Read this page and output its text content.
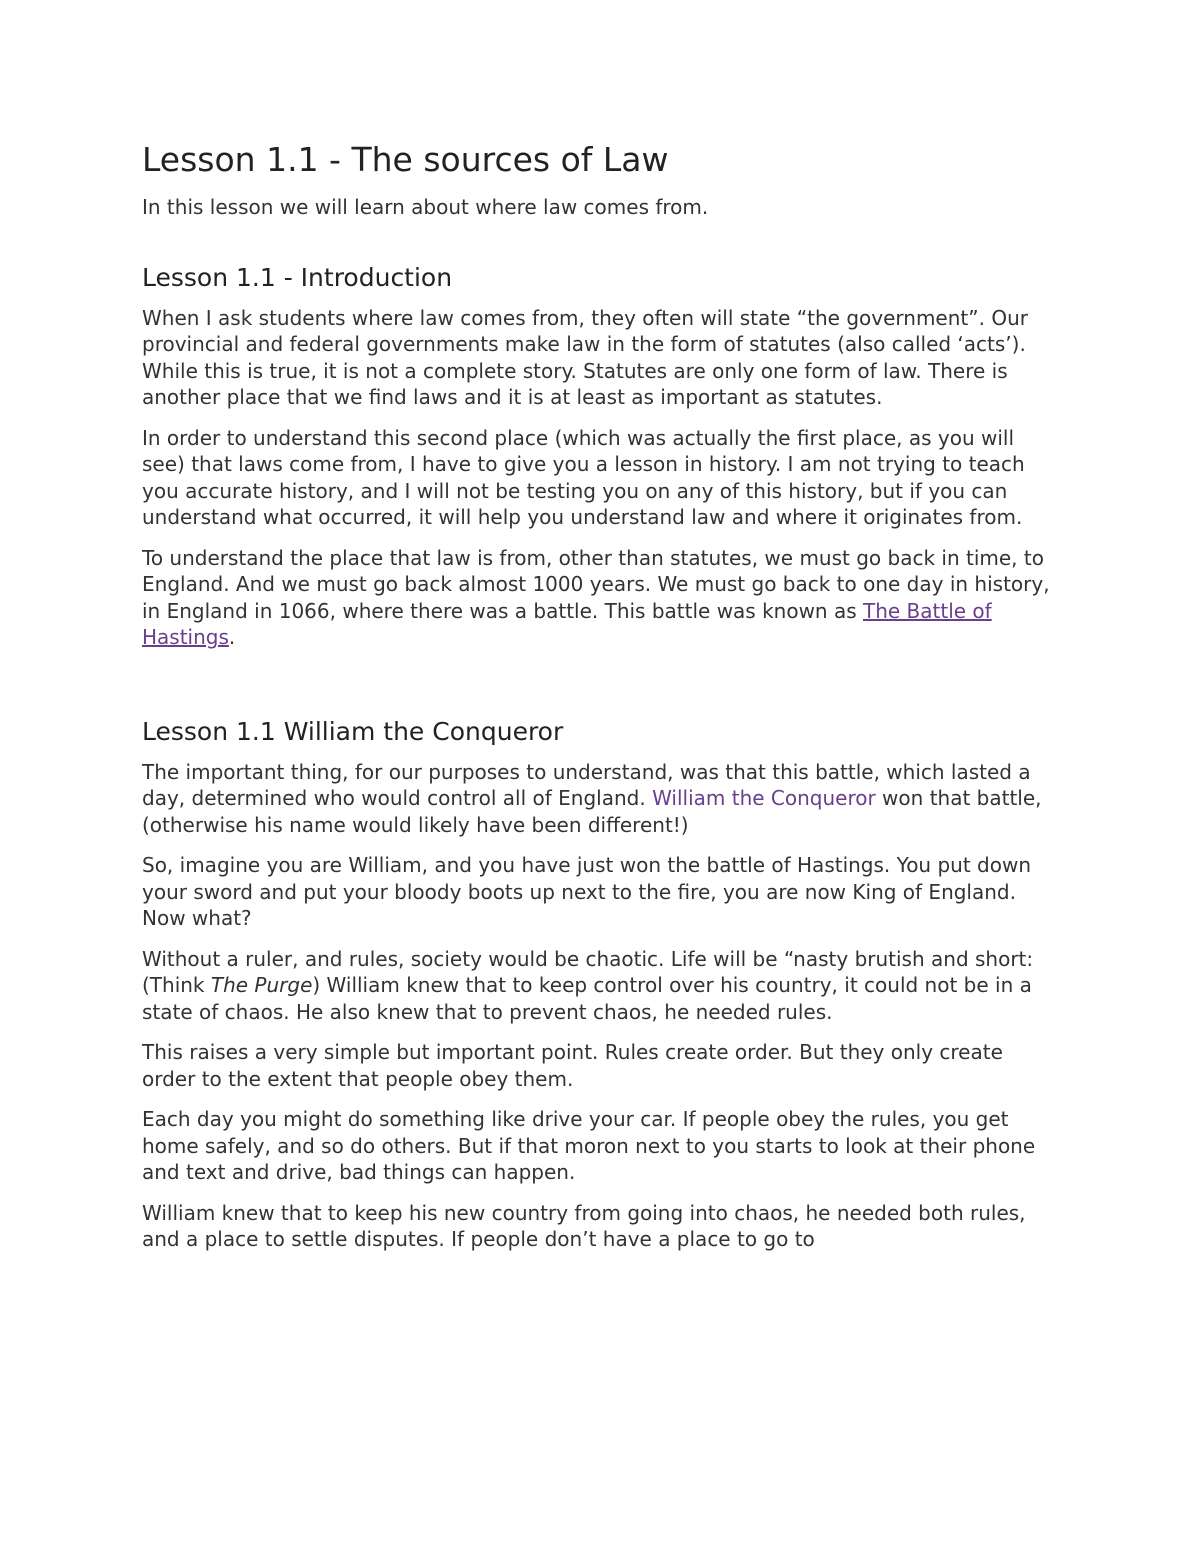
Lesson 1.1 - The sources of Law
In this lesson we will learn about where law comes from.
Lesson 1.1 - Introduction

When I ask students where law comes from, they often will state “the government”. Our provincial and federal governments make law in the form of statutes (also called ‘acts’). While this is true, it is not a complete story. Statutes are only one form of law. There is another place that we find laws and it is at least as important as statutes.

In order to understand this second place (which was actually the first place, as you will see) that laws come from, I have to give you a lesson in history. I am not trying to teach you accurate history, and I will not be testing you on any of this history, but if you can understand what occurred, it will help you understand law and where it originates from.

To understand the place that law is from, other than statutes, we must go back in time, to England. And we must go back almost 1000 years. We must go back to one day in history, in England in 1066, where there was a battle. This battle was known as The Battle of Hastings.

Lesson 1.1 William the Conqueror

The important thing, for our purposes to understand, was that this battle, which lasted a day, determined who would control all of England. William the Conqueror won that battle, (otherwise his name would likely have been different!)

So, imagine you are William, and you have just won the battle of Hastings. You put down your sword and put your bloody boots up next to the fire, you are now King of England. Now what?

Without a ruler, and rules, society would be chaotic. Life will be “nasty brutish and short: (Think The Purge) William knew that to keep control over his country, it could not be in a state of chaos. He also knew that to prevent chaos, he needed rules.

This raises a very simple but important point. Rules create order. But they only create order to the extent that people obey them.

Each day you might do something like drive your car. If people obey the rules, you get home safely, and so do others. But if that moron next to you starts to look at their phone and text and drive, bad things can happen.

William knew that to keep his new country from going into chaos, he needed both rules, and a place to settle disputes. If people don’t have a place to go to
